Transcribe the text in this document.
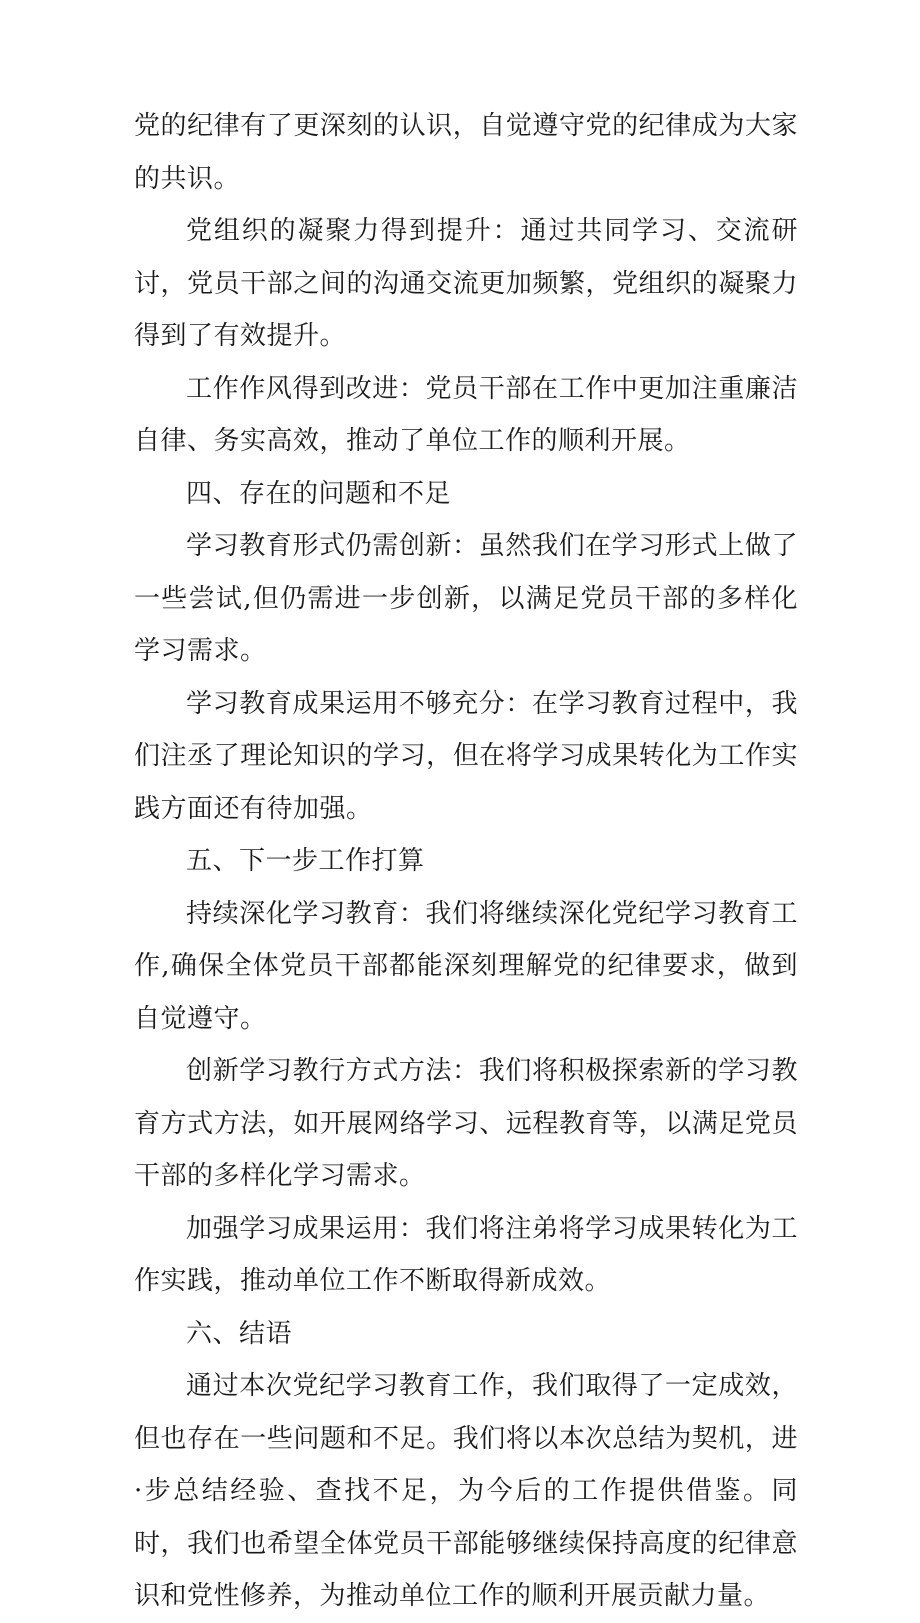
党的纪律有了更深刻的认识，自觉遵守党的纪律成为大家的共识。

党组织的凝聚力得到提升：通过共同学习、交流研讨，党员干部之间的沟通交流更加频繁，党组织的凝聚力得到了有效提升。

工作作风得到改进：党员干部在工作中更加注重廉洁自律、务实高效，推动了单位工作的顺利开展。

四、存在的问题和不足

学习教育形式仍需创新：虽然我们在学习形式上做了一些尝试,但仍需进一步创新，以满足党员干部的多样化学习需求。

学习教育成果运用不够充分：在学习教育过程中，我们注丞了理论知识的学习，但在将学习成果转化为工作实践方面还有待加强。

五、下一步工作打算

持续深化学习教育：我们将继续深化党纪学习教育工作,确保全体党员干部都能深刻理解党的纪律要求，做到自觉遵守。

创新学习教行方式方法：我们将积极探索新的学习教育方式方法，如开展网络学习、远程教育等，以满足党员干部的多样化学习需求。

加强学习成果运用：我们将注弟将学习成果转化为工作实践，推动单位工作不断取得新成效。

六、结语

通过本次党纪学习教育工作，我们取得了一定成效，但也存在一些问题和不足。我们将以本次总结为契机，进·步总结经验、查找不足，为今后的工作提供借鉴。同时，我们也希望全体党员干部能够继续保持高度的纪律意识和党性修养，为推动单位工作的顺利开展贡献力量。
